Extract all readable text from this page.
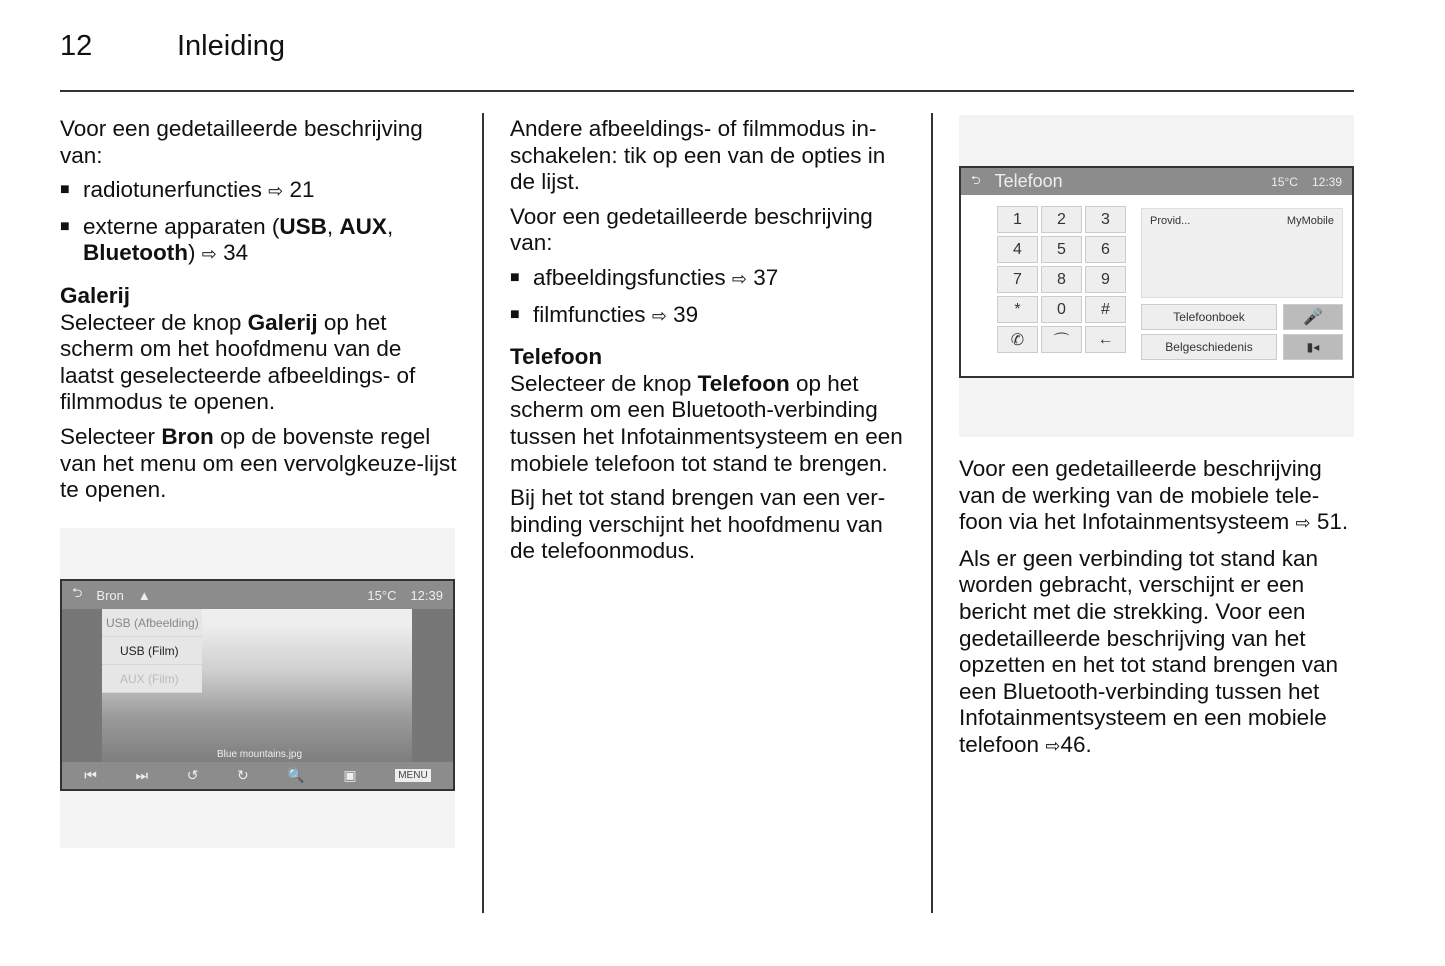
12	Inleiding

Voor een gedetailleerde beschrijving van:

■ radiotunerfuncties ⇨ 21
■ externe apparaten (USB, AUX, Bluetooth) ⇨ 34
Galerij

Selecteer de knop Galerij op het scherm om het hoofdmenu van de laatst geselecteerde afbeeldings- of filmmodus te openen.

Selecteer Bron op de bovenste regel van het menu om een vervolgkeuze-lijst te openen.

⮌ Bron ▲	15°C 12:39
Blue mountains.jpg
USB (Afbeelding)
USB (Film)
AUX (Film)
⏮	⏭	↺	↻	🔍	▣	MENU

Andere afbeeldings- of filmmodus in-schakelen: tik op een van de opties in de lijst.

Voor een gedetailleerde beschrijving van:

■ afbeeldingsfuncties ⇨ 37
■ filmfuncties ⇨ 39
Telefoon

Selecteer de knop Telefoon op het scherm om een Bluetooth-verbinding tussen het Infotainmentsysteem en een mobiele telefoon tot stand te brengen.

Bij het tot stand brengen van een ver-binding verschijnt het hoofdmenu van de telefoonmodus.

⮌ Telefoon	15°C 12:39
1	2	3
4	5	6
7	8	9
*	0	#
✆	⌒	←
Provid...	MyMobile
Telefoonboek
Belgeschiedenis
🎤
▮◂

Voor een gedetailleerde beschrijving van de werking van de mobiele tele-foon via het Infotainmentsysteem ⇨ 51.

Als er geen verbinding tot stand kan worden gebracht, verschijnt er een bericht met die strekking. Voor een gedetailleerde beschrijving van het opzetten en het tot stand brengen van een Bluetooth-verbinding tussen het Infotainmentsysteem en een mobiele telefoon ⇨46.
